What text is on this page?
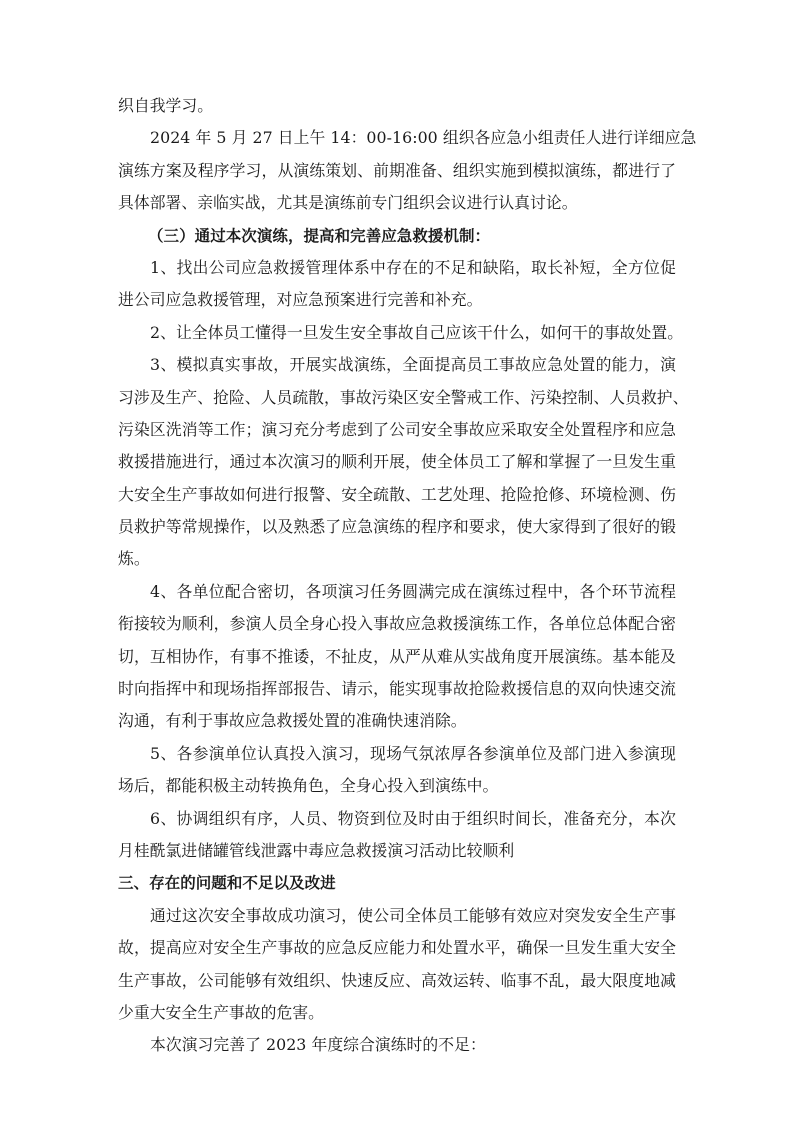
织自我学习。
2024 年 5 月 27 日上午 14：00-16:00 组织各应急小组责任人进行详细应急
演练方案及程序学习，从演练策划、前期准备、组织实施到模拟演练，都进行了
具体部署、亲临实战，尤其是演练前专门组织会议进行认真讨论。
（三）通过本次演练，提高和完善应急救援机制：
1、找出公司应急救援管理体系中存在的不足和缺陷，取长补短，全方位促
进公司应急救援管理，对应急预案进行完善和补充。
2、让全体员工懂得一旦发生安全事故自己应该干什么，如何干的事故处置。
3、模拟真实事故，开展实战演练，全面提高员工事故应急处置的能力，演
习涉及生产、抢险、人员疏散，事故污染区安全警戒工作、污染控制、人员救护、
污染区洗消等工作；演习充分考虑到了公司安全事故应采取安全处置程序和应急
救援措施进行，通过本次演习的顺利开展，使全体员工了解和掌握了一旦发生重
大安全生产事故如何进行报警、安全疏散、工艺处理、抢险抢修、环境检测、伤
员救护等常规操作，以及熟悉了应急演练的程序和要求，使大家得到了很好的锻
炼。
4、各单位配合密切，各项演习任务圆满完成在演练过程中，各个环节流程
衔接较为顺利，参演人员全身心投入事故应急救援演练工作，各单位总体配合密
切，互相协作，有事不推诿，不扯皮，从严从难从实战角度开展演练。基本能及
时向指挥中和现场指挥部报告、请示，能实现事故抢险救援信息的双向快速交流
沟通，有利于事故应急救援处置的准确快速消除。
5、各参演单位认真投入演习，现场气氛浓厚各参演单位及部门进入参演现
场后，都能积极主动转换角色，全身心投入到演练中。
6、协调组织有序，人员、物资到位及时由于组织时间长，准备充分，本次
月桂酰氯进储罐管线泄露中毒应急救援演习活动比较顺利
三、存在的问题和不足以及改进
通过这次安全事故成功演习，使公司全体员工能够有效应对突发安全生产事
故，提高应对安全生产事故的应急反应能力和处置水平，确保一旦发生重大安全
生产事故，公司能够有效组织、快速反应、高效运转、临事不乱，最大限度地减
少重大安全生产事故的危害。
本次演习完善了 2023 年度综合演练时的不足：
